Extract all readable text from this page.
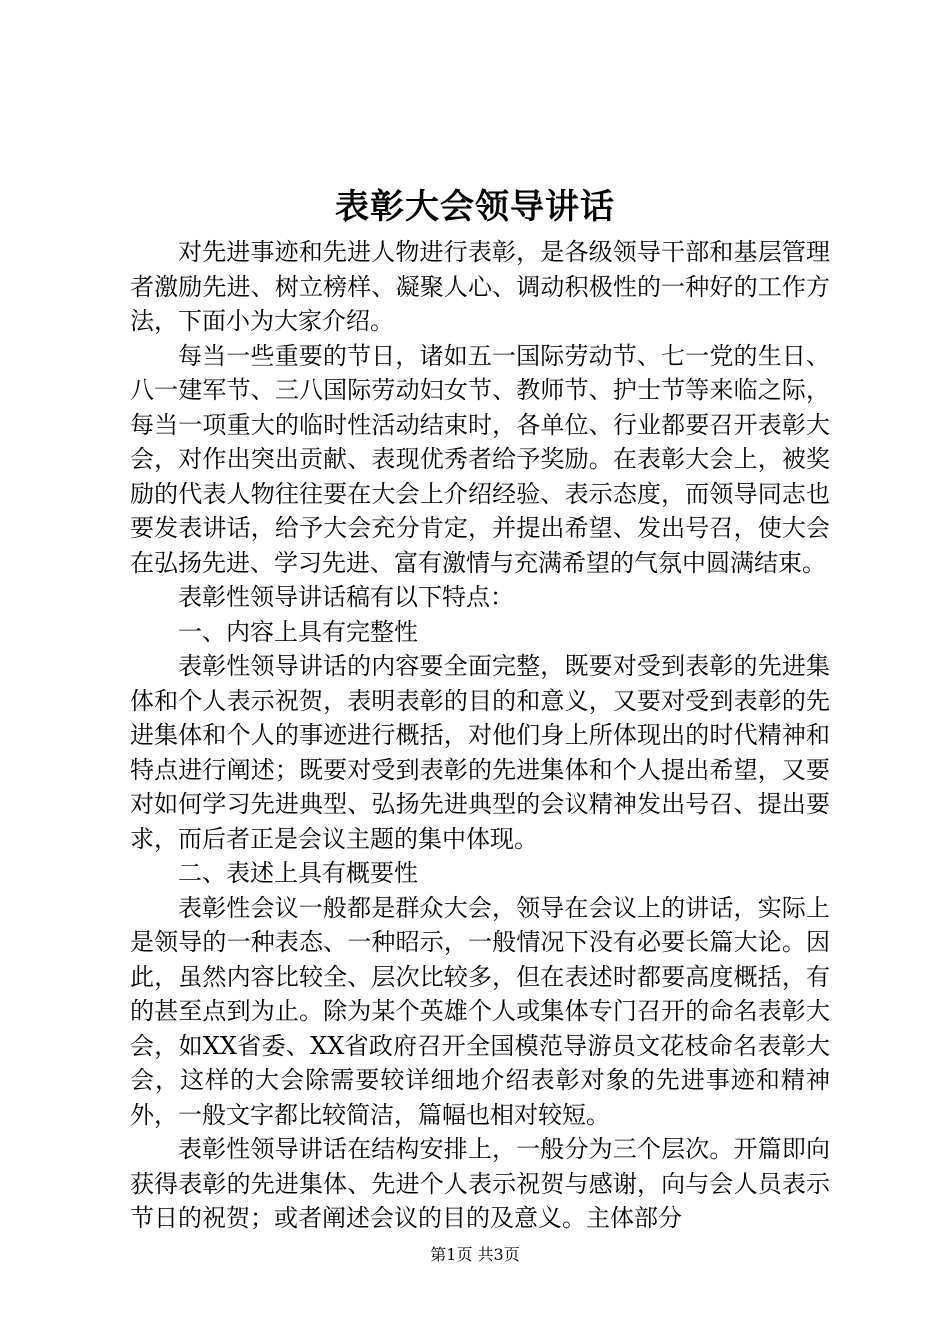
表彰大会领导讲话

对先进事迹和先进人物进行表彰，是各级领导干部和基层管理者激励先进、树立榜样、凝聚人心、调动积极性的一种好的工作方法，下面小为大家介绍。

每当一些重要的节日，诸如五一国际劳动节、七一党的生日、八一建军节、三八国际劳动妇女节、教师节、护士节等来临之际，每当一项重大的临时性活动结束时，各单位、行业都要召开表彰大会，对作出突出贡献、表现优秀者给予奖励。在表彰大会上，被奖励的代表人物往往要在大会上介绍经验、表示态度，而领导同志也要发表讲话，给予大会充分肯定，并提出希望、发出号召，使大会在弘扬先进、学习先进、富有激情与充满希望的气氛中圆满结束。

表彰性领导讲话稿有以下特点：

一、内容上具有完整性

表彰性领导讲话的内容要全面完整，既要对受到表彰的先进集体和个人表示祝贺，表明表彰的目的和意义，又要对受到表彰的先进集体和个人的事迹进行概括，对他们身上所体现出的时代精神和特点进行阐述；既要对受到表彰的先进集体和个人提出希望，又要对如何学习先进典型、弘扬先进典型的会议精神发出号召、提出要求，而后者正是会议主题的集中体现。

二、表述上具有概要性

表彰性会议一般都是群众大会，领导在会议上的讲话，实际上是领导的一种表态、一种昭示，一般情况下没有必要长篇大论。因此，虽然内容比较全、层次比较多，但在表述时都要高度概括，有的甚至点到为止。除为某个英雄个人或集体专门召开的命名表彰大会，如XX省委、XX省政府召开全国模范导游员文花枝命名表彰大会，这样的大会除需要较详细地介绍表彰对象的先进事迹和精神外，一般文字都比较简洁，篇幅也相对较短。

表彰性领导讲话在结构安排上，一般分为三个层次。开篇即向获得表彰的先进集体、先进个人表示祝贺与感谢，向与会人员表示节日的祝贺；或者阐述会议的目的及意义。主体部分

第1页 共3页
